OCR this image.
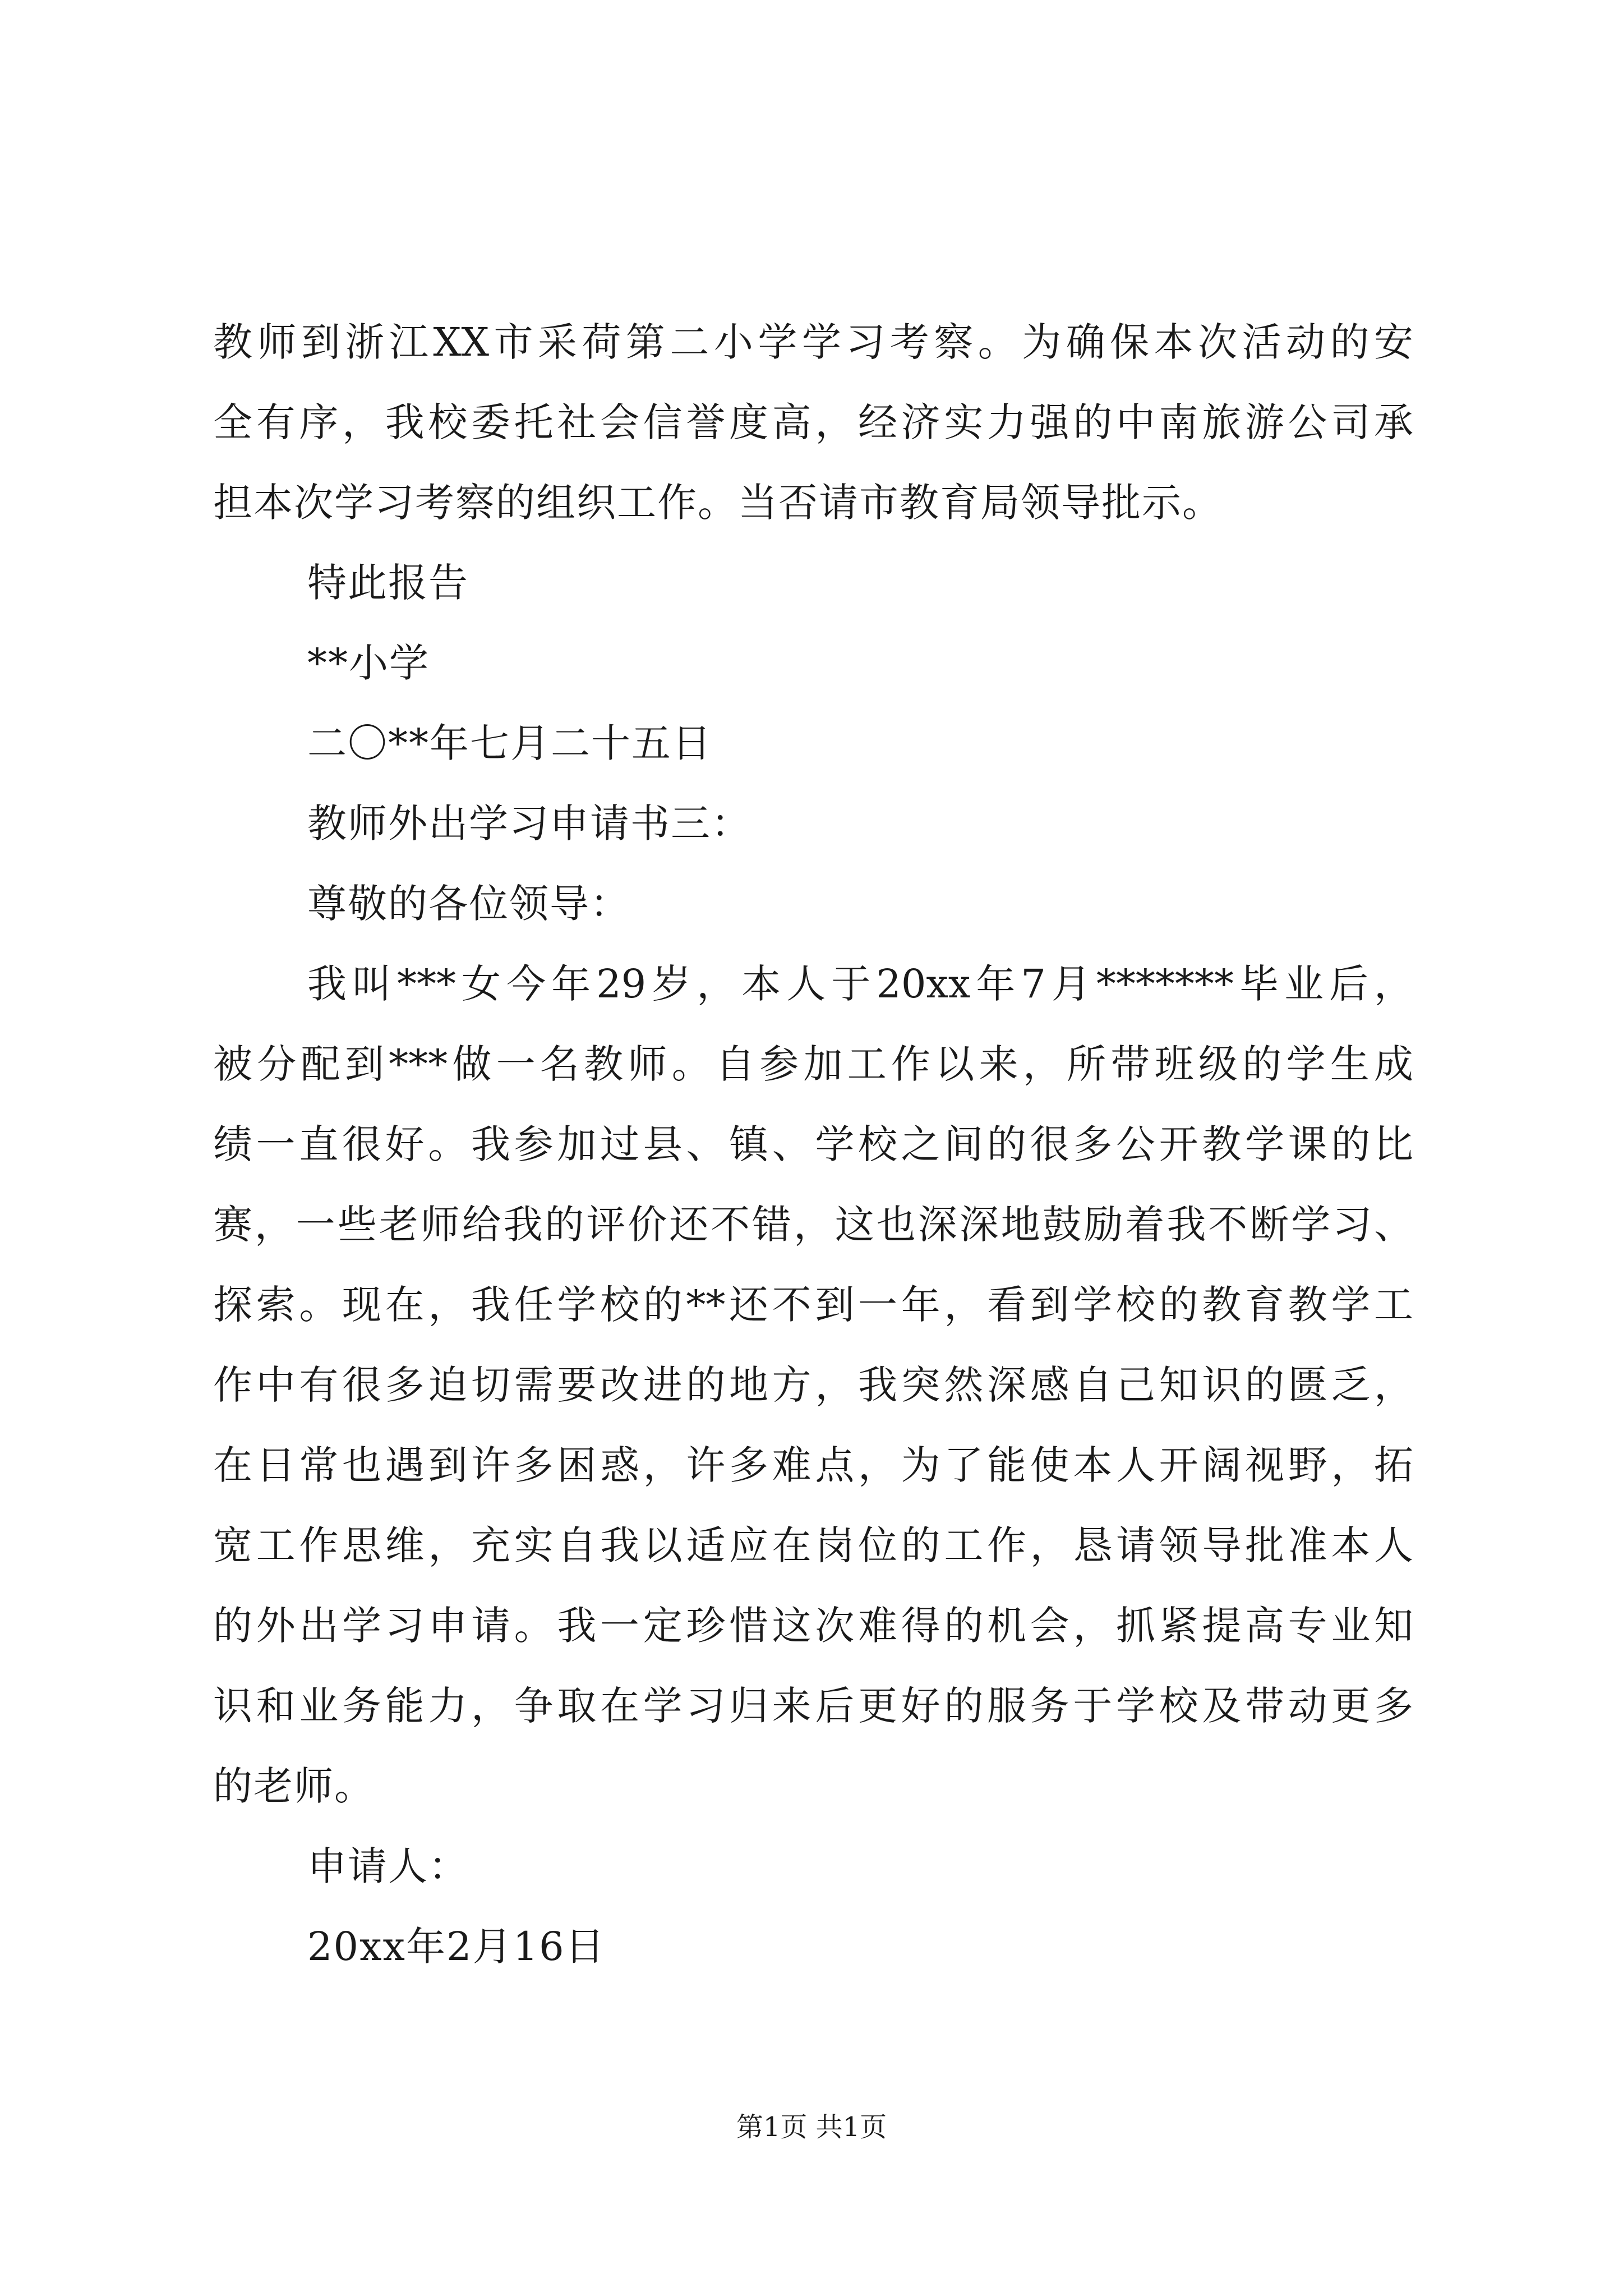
教师到浙江XX市采荷第二小学学习考察。为确保本次活动的安

全有序，我校委托社会信誉度高，经济实力强的中南旅游公司承

担本次学习考察的组织工作。当否请市教育局领导批示。

特此报告

**小学

二〇**年七月二十五日

教师外出学习申请书三：

尊敬的各位领导：

我叫***女今年29岁，本人于20xx年7月*******毕业后，

被分配到***做一名教师。自参加工作以来，所带班级的学生成

绩一直很好。我参加过县、镇、学校之间的很多公开教学课的比

赛，一些老师给我的评价还不错，这也深深地鼓励着我不断学习、

探索。现在，我任学校的**还不到一年，看到学校的教育教学工

作中有很多迫切需要改进的地方，我突然深感自己知识的匮乏，

在日常也遇到许多困惑，许多难点，为了能使本人开阔视野，拓

宽工作思维，充实自我以适应在岗位的工作，恳请领导批准本人

的外出学习申请。我一定珍惜这次难得的机会，抓紧提高专业知

识和业务能力，争取在学习归来后更好的服务于学校及带动更多

的老师。

申请人：

20xx年2月16日

第1页 共1页
